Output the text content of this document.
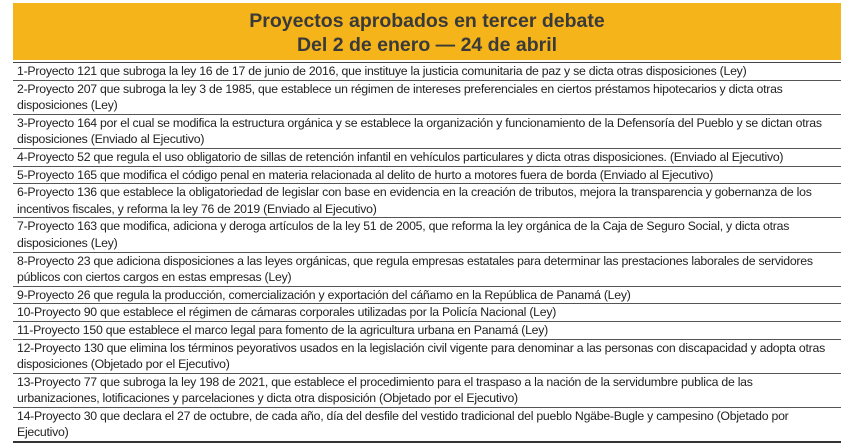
Proyectos aprobados en tercer debate
Del 2 de enero — 24 de abril
1-Proyecto 121 que subroga la ley 16 de 17 de junio de 2016, que instituye la justicia comunitaria de paz y se dicta otras disposiciones (Ley)
2-Proyecto 207 que subroga la ley 3 de 1985, que establece un régimen de intereses preferenciales en ciertos préstamos hipotecarios y dicta otras disposiciones (Ley)
3-Proyecto 164 por el cual se modifica la estructura orgánica y se establece la organización y funcionamiento de la Defensoría del Pueblo y se dictan otras disposiciones (Enviado al Ejecutivo)
4-Proyecto 52 que regula el uso obligatorio de sillas de retención infantil en vehículos particulares y dicta otras disposiciones. (Enviado al Ejecutivo)
5-Proyecto 165 que modifica el código penal en materia relacionada al delito de hurto a motores fuera de borda (Enviado al Ejecutivo)
6-Proyecto 136 que establece la obligatoriedad de legislar con base en evidencia en la creación de tributos, mejora la transparencia y gobernanza de los incentivos fiscales, y reforma la ley 76 de 2019 (Enviado al Ejecutivo)
7-Proyecto 163 que modifica, adiciona y deroga artículos de la ley 51 de 2005, que reforma la ley orgánica de la Caja de Seguro Social, y dicta otras disposiciones (Ley)
8-Proyecto 23 que adiciona disposiciones a las leyes orgánicas, que regula empresas estatales para determinar las prestaciones laborales de servidores públicos con ciertos cargos en estas empresas (Ley)
9-Proyecto 26 que regula la producción, comercialización y exportación del cáñamo en la República de Panamá (Ley)
10-Proyecto 90 que establece el régimen de cámaras corporales utilizadas por la Policía Nacional (Ley)
11-Proyecto 150 que establece el marco legal para fomento de la agricultura urbana en Panamá (Ley)
12-Proyecto 130 que elimina los términos peyorativos usados en la legislación civil vigente para denominar a las personas con discapacidad y adopta otras disposiciones (Objetado por el Ejecutivo)
13-Proyecto 77 que subroga la ley 198 de 2021, que establece el procedimiento para el traspaso a la nación de la servidumbre publica de las urbanizaciones, lotificaciones y parcelaciones y dicta otra disposición (Objetado por el Ejecutivo)
14-Proyecto 30 que declara el 27 de octubre, de cada año, día del desfile del vestido tradicional del pueblo Ngäbe-Bugle y campesino (Objetado por Ejecutivo)
